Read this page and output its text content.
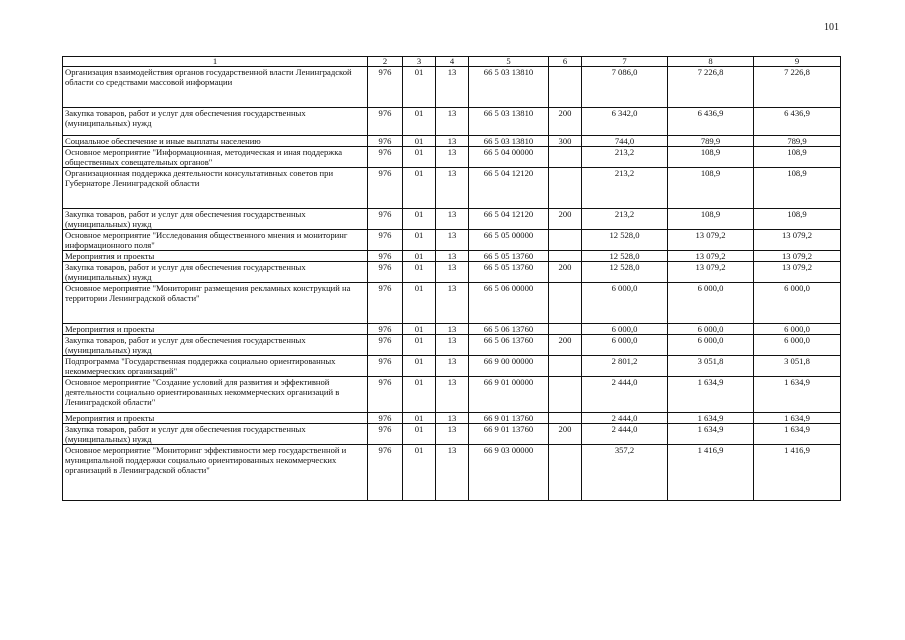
101
1	2	3	4	5	6	7	8	9
Организация взаимодействия органов государственной власти Ленинградской области со средствами массовой информации	976	01	13	66 5 03 13810		7 086,0	7 226,8	7 226,8
Закупка товаров, работ и услуг для обеспечения государственных (муниципальных) нужд	976	01	13	66 5 03 13810	200	6 342,0	6 436,9	6 436,9
Социальное обеспечение и иные выплаты населению	976	01	13	66 5 03 13810	300	744,0	789,9	789,9
Основное мероприятие "Информационная, методическая и иная поддержка общественных совещательных органов"	976	01	13	66 5 04 00000		213,2	108,9	108,9
Организационная поддержка деятельности консультативных советов при Губернаторе Ленинградской области	976	01	13	66 5 04 12120		213,2	108,9	108,9
Закупка товаров, работ и услуг для обеспечения государственных (муниципальных) нужд	976	01	13	66 5 04 12120	200	213,2	108,9	108,9
Основное мероприятие "Исследования общественного мнения и мониторинг информационного поля"	976	01	13	66 5 05 00000		12 528,0	13 079,2	13 079,2
Мероприятия и проекты	976	01	13	66 5 05 13760		12 528,0	13 079,2	13 079,2
Закупка товаров, работ и услуг для обеспечения государственных (муниципальных) нужд	976	01	13	66 5 05 13760	200	12 528,0	13 079,2	13 079,2
Основное мероприятие "Мониторинг размещения рекламных конструкций на территории Ленинградской области"	976	01	13	66 5 06 00000		6 000,0	6 000,0	6 000,0
Мероприятия и проекты	976	01	13	66 5 06 13760		6 000,0	6 000,0	6 000,0
Закупка товаров, работ и услуг для обеспечения государственных (муниципальных) нужд	976	01	13	66 5 06 13760	200	6 000,0	6 000,0	6 000,0
Подпрограмма "Государственная поддержка социально ориентированных некоммерческих организаций"	976	01	13	66 9 00 00000		2 801,2	3 051,8	3 051,8
Основное мероприятие "Создание условий для развития и эффективной деятельности социально ориентированных некоммерческих организаций в Ленинградской области"	976	01	13	66 9 01 00000		2 444,0	1 634,9	1 634,9
Мероприятия и проекты	976	01	13	66 9 01 13760		2 444,0	1 634,9	1 634,9
Закупка товаров, работ и услуг для обеспечения государственных (муниципальных) нужд	976	01	13	66 9 01 13760	200	2 444,0	1 634,9	1 634,9
Основное мероприятие "Мониторинг эффективности мер государственной и муниципальной поддержки социально ориентированных некоммерческих организаций в Ленинградской области"	976	01	13	66 9 03 00000		357,2	1 416,9	1 416,9
